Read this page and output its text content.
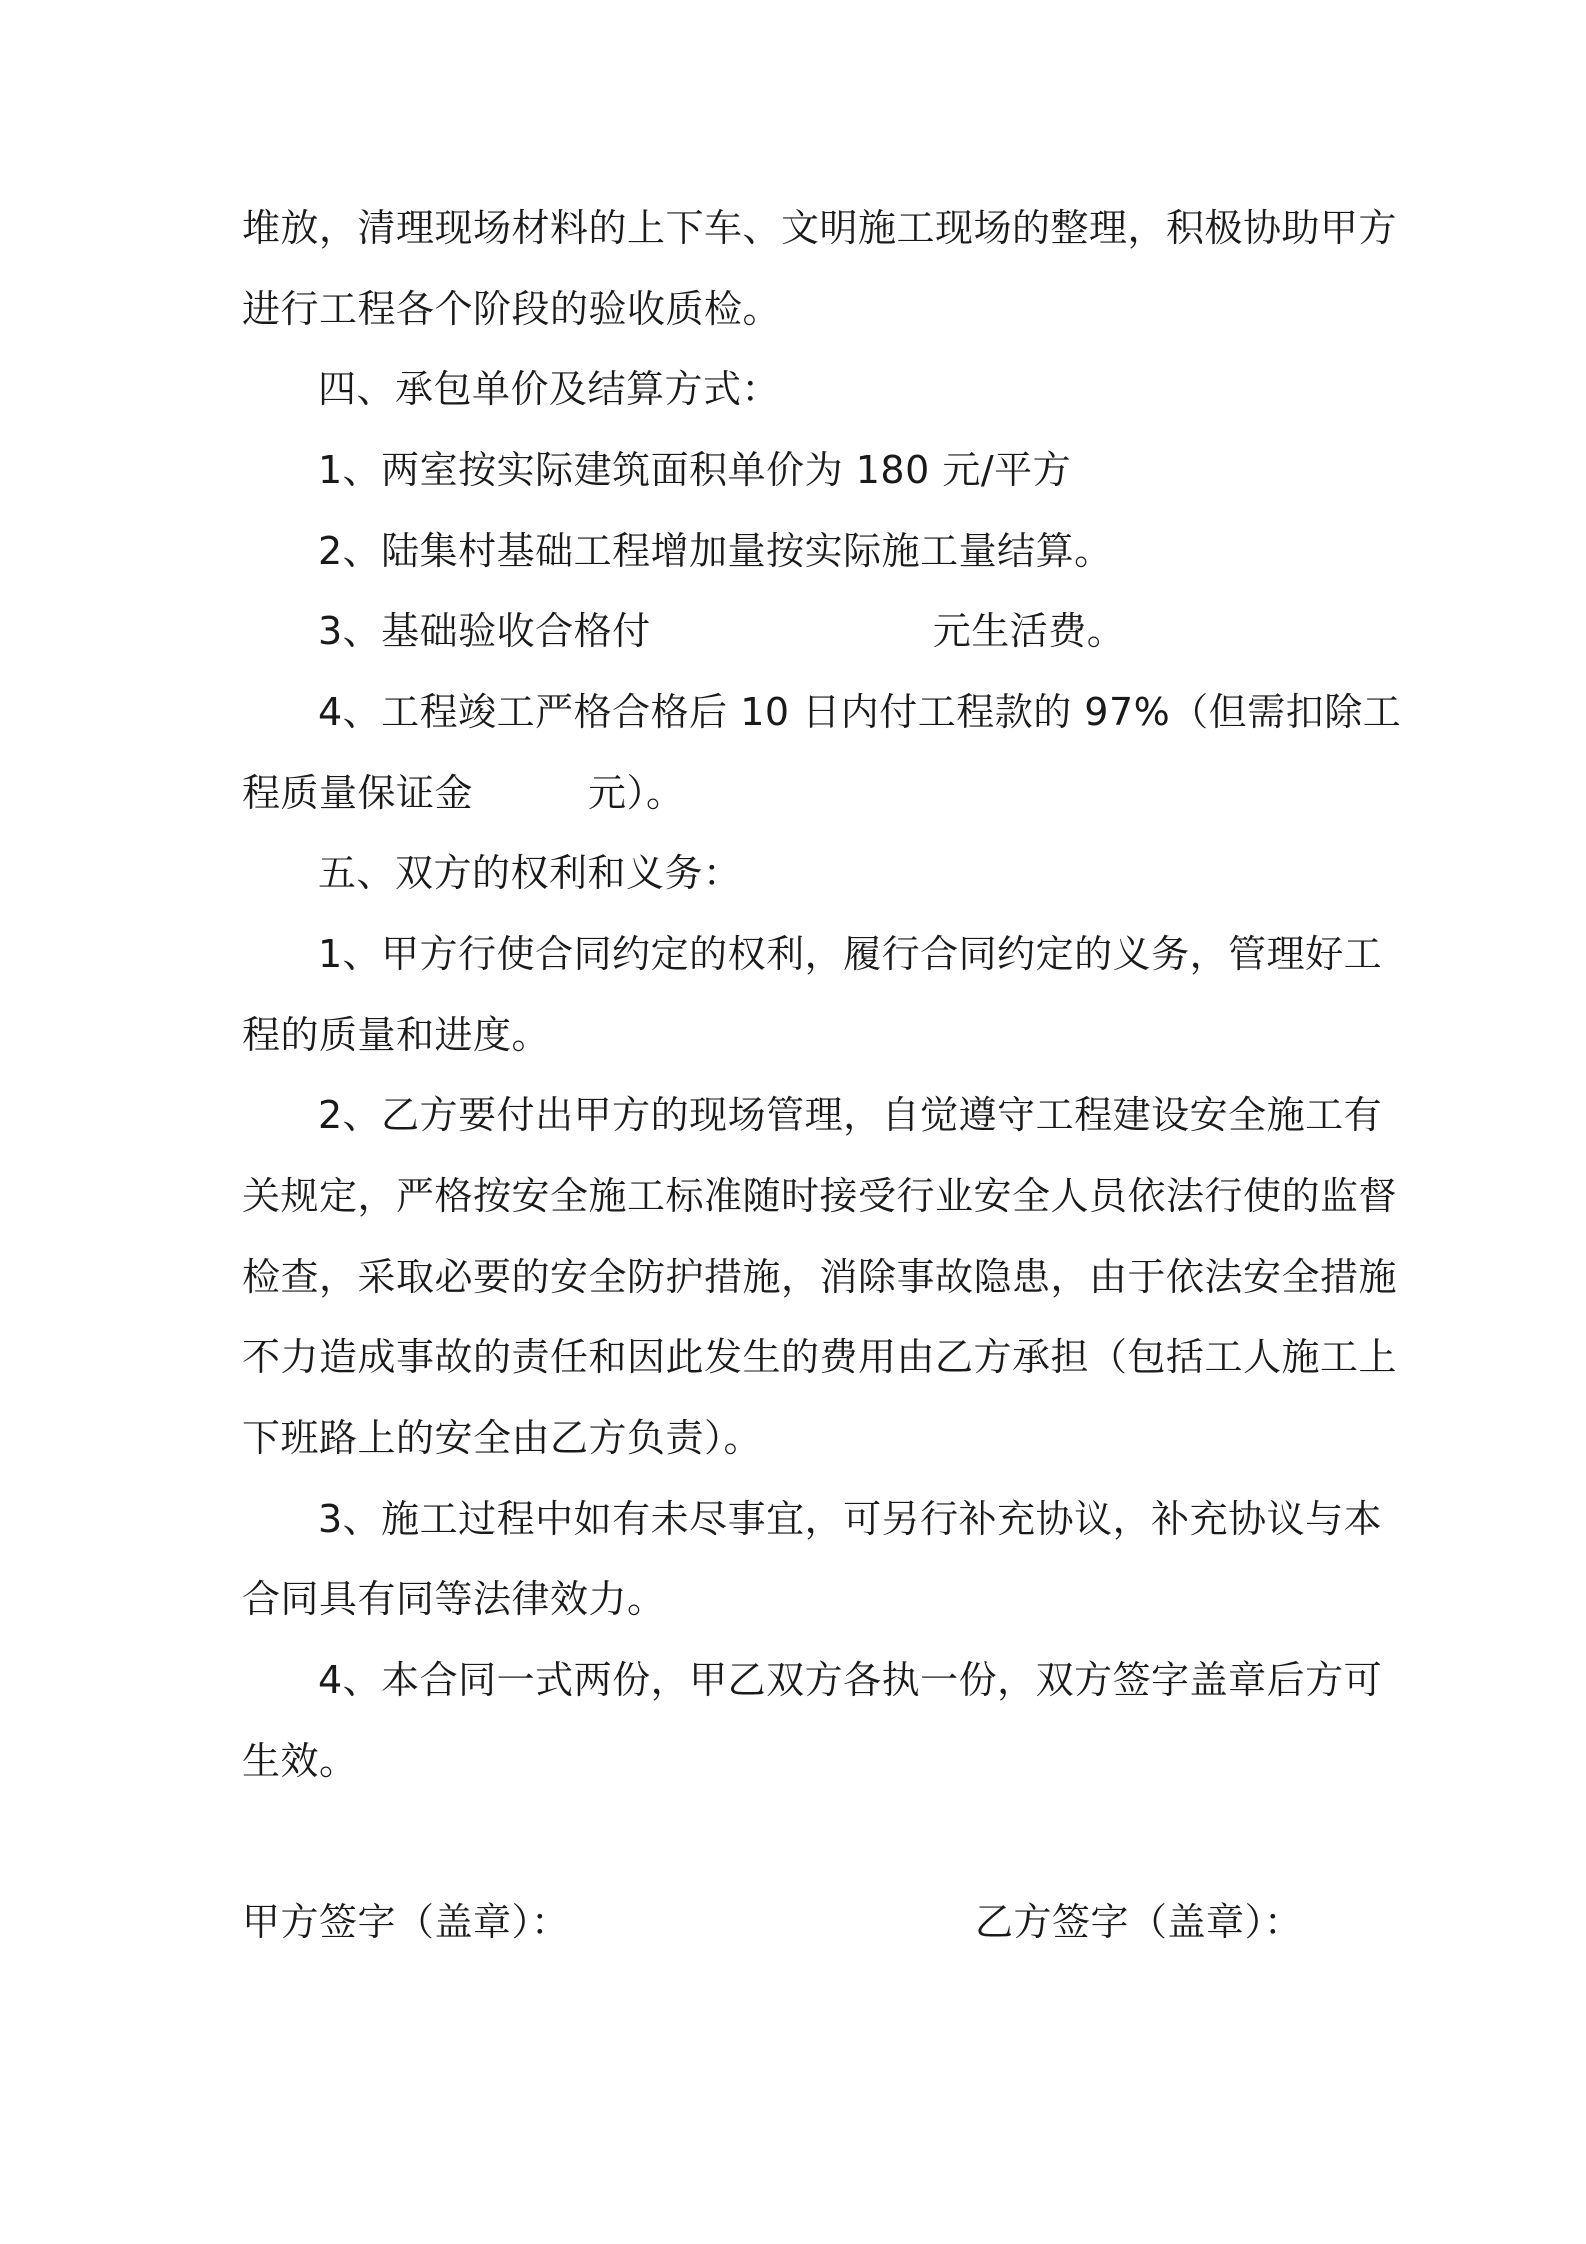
堆放，清理现场材料的上下车、文明施工现场的整理，积极协助甲方
进行工程各个阶段的验收质检。
四、承包单价及结算方式：
1、两室按实际建筑面积单价为 180 元/平方
2、陆集村基础工程增加量按实际施工量结算。
3、基础验收合格付	元生活费。
4、工程竣工严格合格后 10 日内付工程款的 97%（但需扣除工
程质量保证金	元）。
五、双方的权利和义务：
1、甲方行使合同约定的权利，履行合同约定的义务，管理好工
程的质量和进度。
2、乙方要付出甲方的现场管理，自觉遵守工程建设安全施工有
关规定，严格按安全施工标准随时接受行业安全人员依法行使的监督
检查，采取必要的安全防护措施，消除事故隐患，由于依法安全措施
不力造成事故的责任和因此发生的费用由乙方承担（包括工人施工上
下班路上的安全由乙方负责）。
3、施工过程中如有未尽事宜，可另行补充协议，补充协议与本
合同具有同等法律效力。
4、本合同一式两份，甲乙双方各执一份，双方签字盖章后方可
生效。
甲方签字（盖章）：	乙方签字（盖章）：
